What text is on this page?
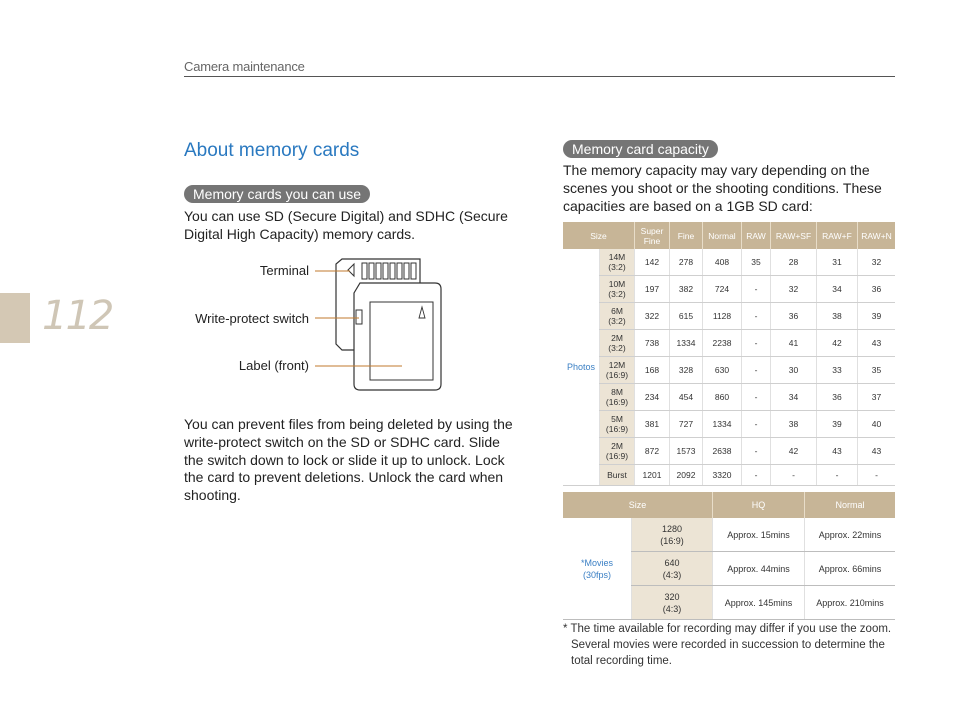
Camera maintenance
112
About memory cards
Memory cards you can use
You can use SD (Secure Digital) and SDHC (Secure Digital High Capacity) memory cards.
Terminal
Write-protect switch
Label (front)
You can prevent files from being deleted by using the write-protect switch on the SD or SDHC card. Slide the switch down to lock or slide it up to unlock. Lock the card to prevent deletions. Unlock the card when shooting.
Memory card capacity
The memory capacity may vary depending on the scenes you shoot or the shooting conditions. These capacities are based on a 1GB SD card:
Size		Super Fine	Fine	Normal	RAW	RAW+SF	RAW+F	RAW+N
Photos	14M
(3:2)	142	278	408	35	28	31	32
	10M
(3:2)	197	382	724	-	32	34	36
	6M
(3:2)	322	615	1128	-	36	38	39
	2M
(3:2)	738	1334	2238	-	41	42	43
	12M
(16:9)	168	328	630	-	30	33	35
	8M
(16:9)	234	454	860	-	34	36	37
	5M
(16:9)	381	727	1334	-	38	39	40
	2M
(16:9)	872	1573	2638	-	42	43	43
	Burst	1201	2092	3320	-	-	-	-
Size		HQ	Normal
*Movies
(30fps)	1280
(16:9)	Approx. 15mins	Approx. 22mins
	640
(4:3)	Approx. 44mins	Approx. 66mins
	320
(4:3)	Approx. 145mins	Approx. 210mins
* The time available for recording may differ if you use the zoom. Several movies were recorded in succession to determine the total recording time.
